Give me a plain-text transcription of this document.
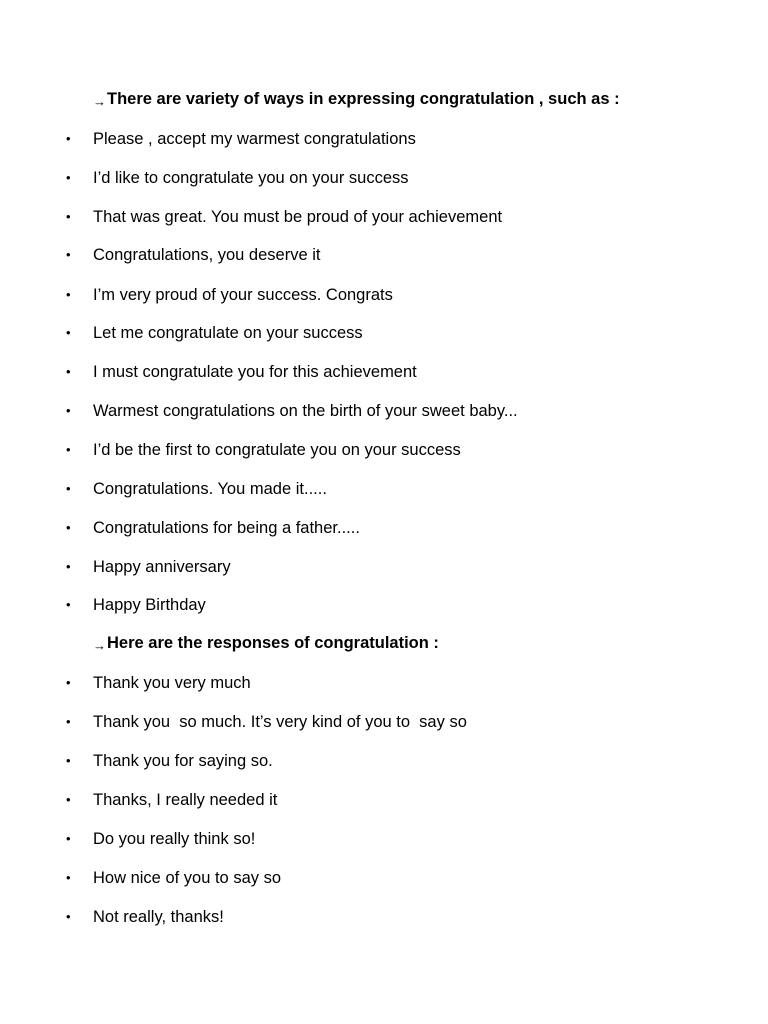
→There are variety of ways in expressing congratulation , such as :
• Please , accept my warmest congratulations
• I’d like to congratulate you on your success
• That was great. You must be proud of your achievement
• Congratulations, you deserve it
• I’m very proud of your success. Congrats
• Let me congratulate on your success
• I must congratulate you for this achievement
• Warmest congratulations on the birth of your sweet baby...
• I’d be the first to congratulate you on your success
• Congratulations. You made it.....
• Congratulations for being a father.....
• Happy anniversary
• Happy Birthday
→Here are the responses of congratulation :
• Thank you very much
• Thank you  so much. It’s very kind of you to  say so
• Thank you for saying so.
• Thanks, I really needed it
• Do you really think so!
• How nice of you to say so
• Not really, thanks!
